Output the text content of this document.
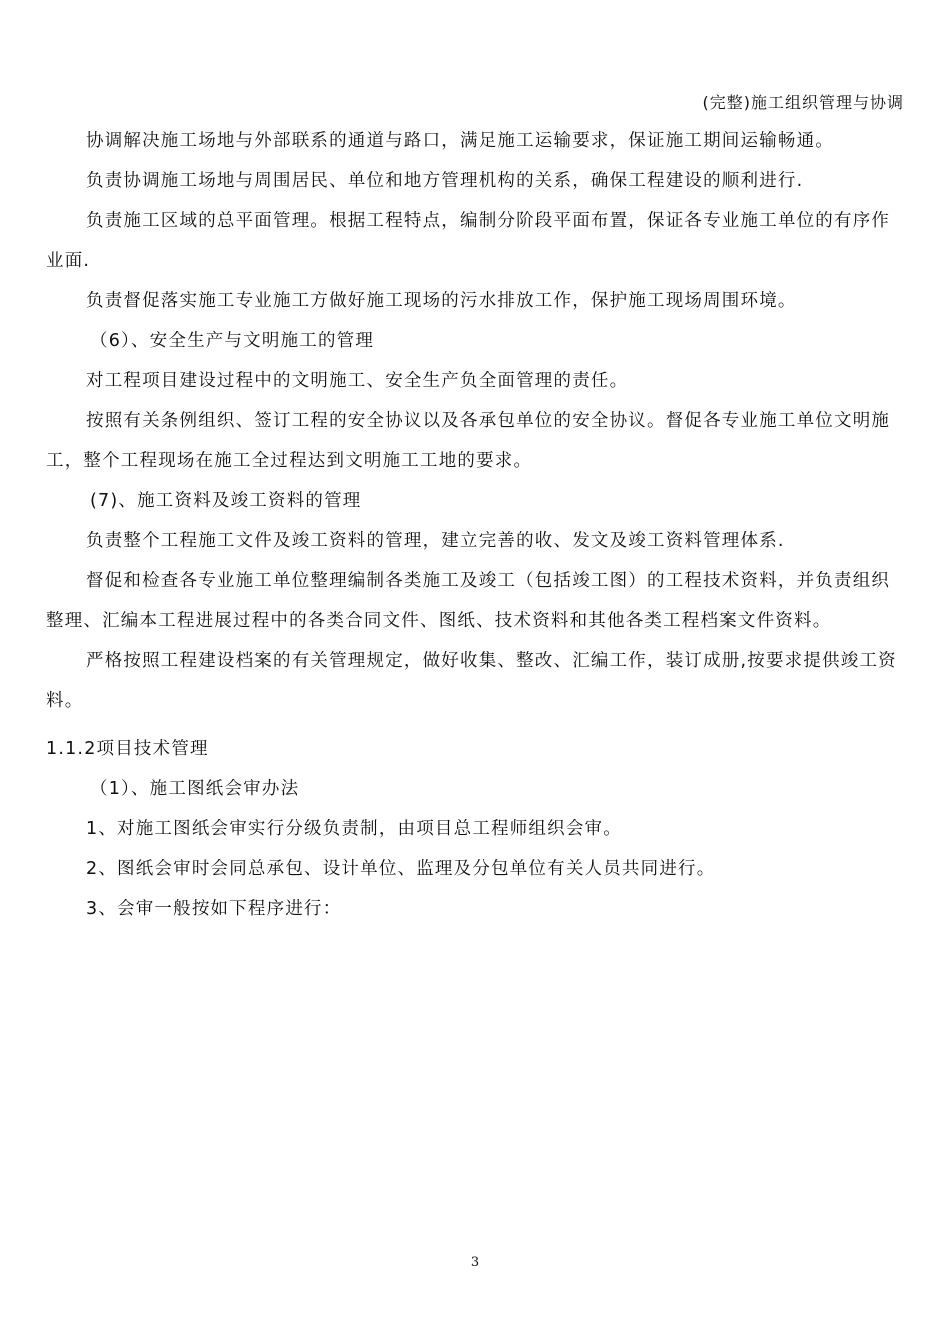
(完整)施工组织管理与协调

协调解决施工场地与外部联系的通道与路口，满足施工运输要求，保证施工期间运输畅通。

负责协调施工场地与周围居民、单位和地方管理机构的关系，确保工程建设的顺利进行.

负责施工区域的总平面管理。根据工程特点，编制分阶段平面布置，保证各专业施工单位的有序作业面.

负责督促落实施工专业施工方做好施工现场的污水排放工作，保护施工现场周围环境。

（6）、安全生产与文明施工的管理

对工程项目建设过程中的文明施工、安全生产负全面管理的责任。

按照有关条例组织、签订工程的安全协议以及各承包单位的安全协议。督促各专业施工单位文明施工，整个工程现场在施工全过程达到文明施工工地的要求。

(7)、施工资料及竣工资料的管理

负责整个工程施工文件及竣工资料的管理，建立完善的收、发文及竣工资料管理体系.

督促和检查各专业施工单位整理编制各类施工及竣工（包括竣工图）的工程技术资料，并负责组织整理、汇编本工程进展过程中的各类合同文件、图纸、技术资料和其他各类工程档案文件资料。

严格按照工程建设档案的有关管理规定，做好收集、整改、汇编工作，装订成册,按要求提供竣工资料。

1.1.2项目技术管理

（1）、施工图纸会审办法

1、对施工图纸会审实行分级负责制，由项目总工程师组织会审。

2、图纸会审时会同总承包、设计单位、监理及分包单位有关人员共同进行。

3、会审一般按如下程序进行：

3
